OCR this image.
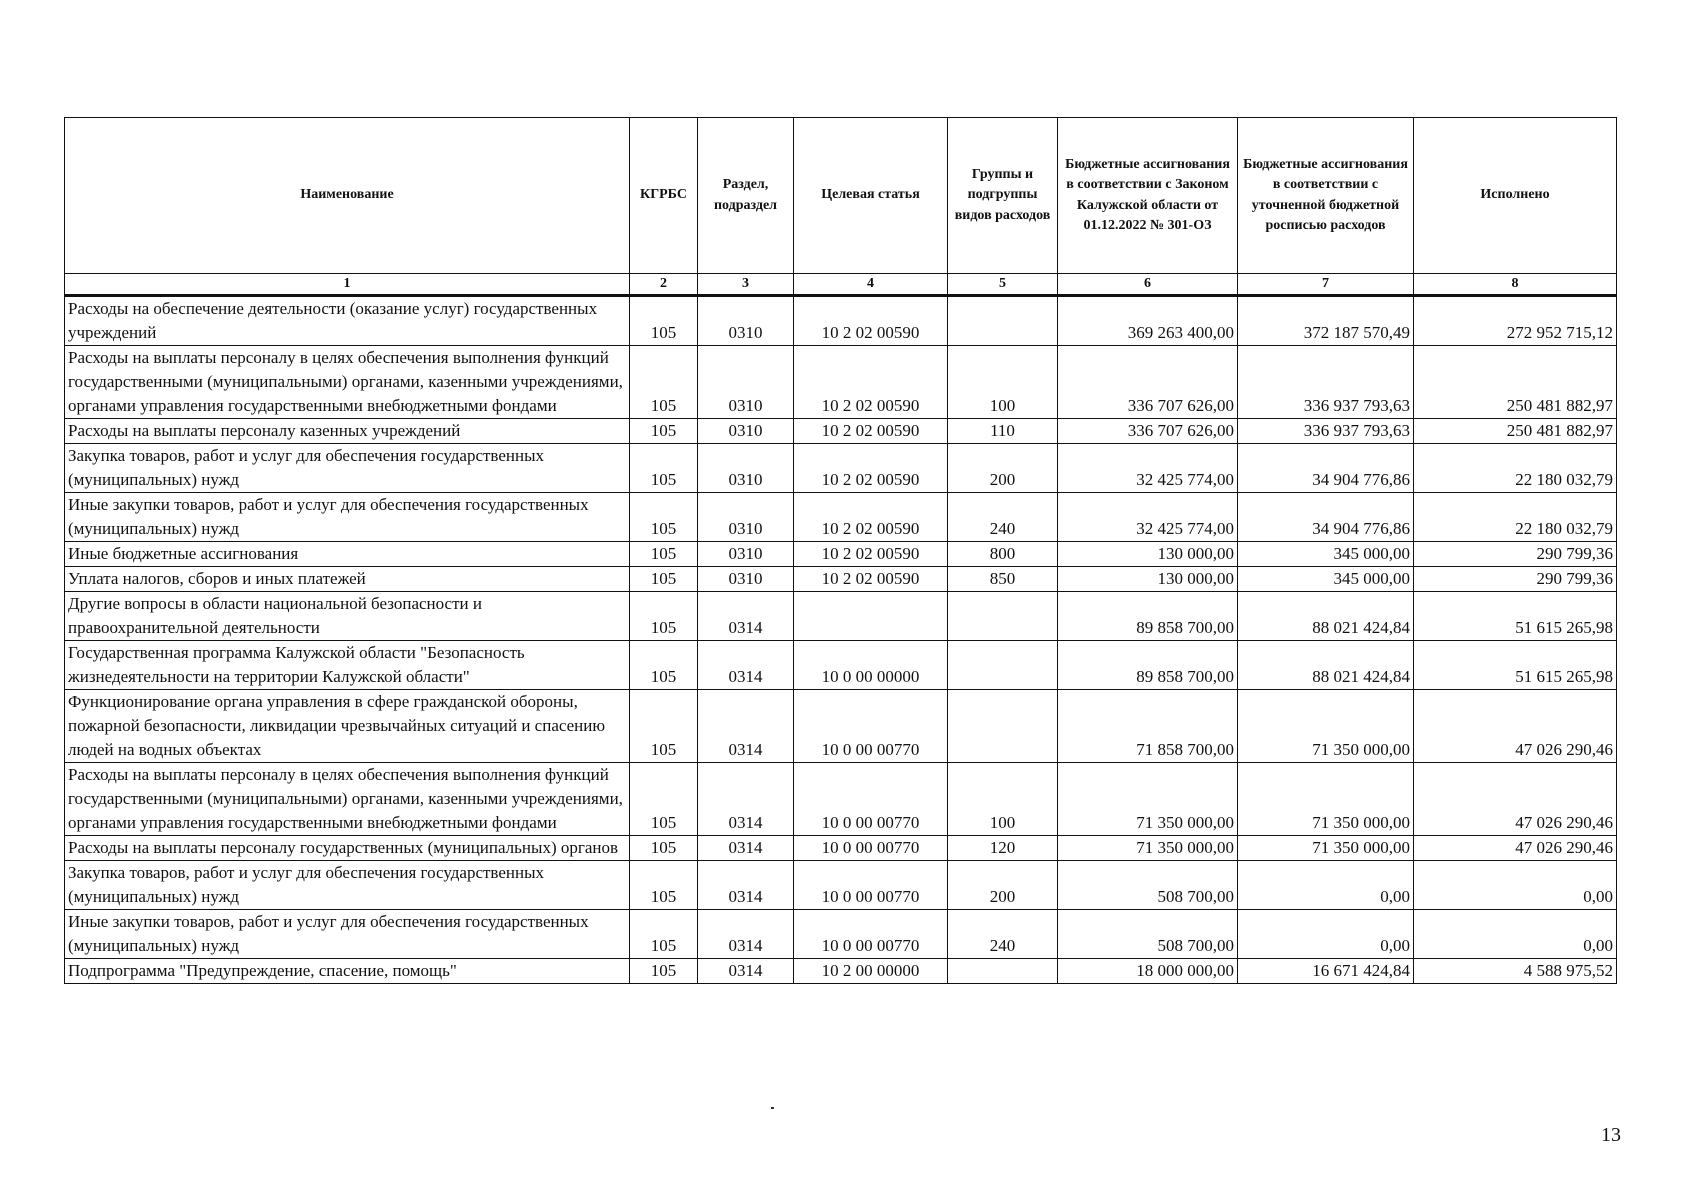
Наименование	КГРБС	Раздел, подраздел	Целевая статья	Группы и подгруппы видов расходов	Бюджетные ассигнования в соответствии с Законом Калужской области от 01.12.2022 № 301-ОЗ	Бюджетные ассигнования в соответствии с уточненной бюджетной росписью расходов	Исполнено
1	2	3	4	5	6	7	8
Расходы на обеспечение деятельности (оказание услуг) государственных учреждений	105	0310	10 2 02 00590		369 263 400,00	372 187 570,49	272 952 715,12
Расходы на выплаты персоналу в целях обеспечения выполнения функций государственными (муниципальными) органами, казенными учреждениями, органами управления государственными внебюджетными фондами	105	0310	10 2 02 00590	100	336 707 626,00	336 937 793,63	250 481 882,97
Расходы на выплаты персоналу казенных учреждений	105	0310	10 2 02 00590	110	336 707 626,00	336 937 793,63	250 481 882,97
Закупка товаров, работ и услуг для обеспечения государственных (муниципальных) нужд	105	0310	10 2 02 00590	200	32 425 774,00	34 904 776,86	22 180 032,79
Иные закупки товаров, работ и услуг для обеспечения государственных (муниципальных) нужд	105	0310	10 2 02 00590	240	32 425 774,00	34 904 776,86	22 180 032,79
Иные бюджетные ассигнования	105	0310	10 2 02 00590	800	130 000,00	345 000,00	290 799,36
Уплата налогов, сборов и иных платежей	105	0310	10 2 02 00590	850	130 000,00	345 000,00	290 799,36
Другие вопросы в области национальной безопасности и правоохранительной деятельности	105	0314			89 858 700,00	88 021 424,84	51 615 265,98
Государственная программа Калужской области "Безопасность жизнедеятельности на территории Калужской области"	105	0314	10 0 00 00000		89 858 700,00	88 021 424,84	51 615 265,98
Функционирование органа управления в сфере гражданской обороны, пожарной безопасности, ликвидации чрезвычайных ситуаций и спасению людей на водных объектах	105	0314	10 0 00 00770		71 858 700,00	71 350 000,00	47 026 290,46
Расходы на выплаты персоналу в целях обеспечения выполнения функций государственными (муниципальными) органами, казенными учреждениями, органами управления государственными внебюджетными фондами	105	0314	10 0 00 00770	100	71 350 000,00	71 350 000,00	47 026 290,46
Расходы на выплаты персоналу государственных (муниципальных) органов	105	0314	10 0 00 00770	120	71 350 000,00	71 350 000,00	47 026 290,46
Закупка товаров, работ и услуг для обеспечения государственных (муниципальных) нужд	105	0314	10 0 00 00770	200	508 700,00	0,00	0,00
Иные закупки товаров, работ и услуг для обеспечения государственных (муниципальных) нужд	105	0314	10 0 00 00770	240	508 700,00	0,00	0,00
Подпрограмма "Предупреждение, спасение, помощь"	105	0314	10 2 00 00000		18 000 000,00	16 671 424,84	4 588 975,52
13
